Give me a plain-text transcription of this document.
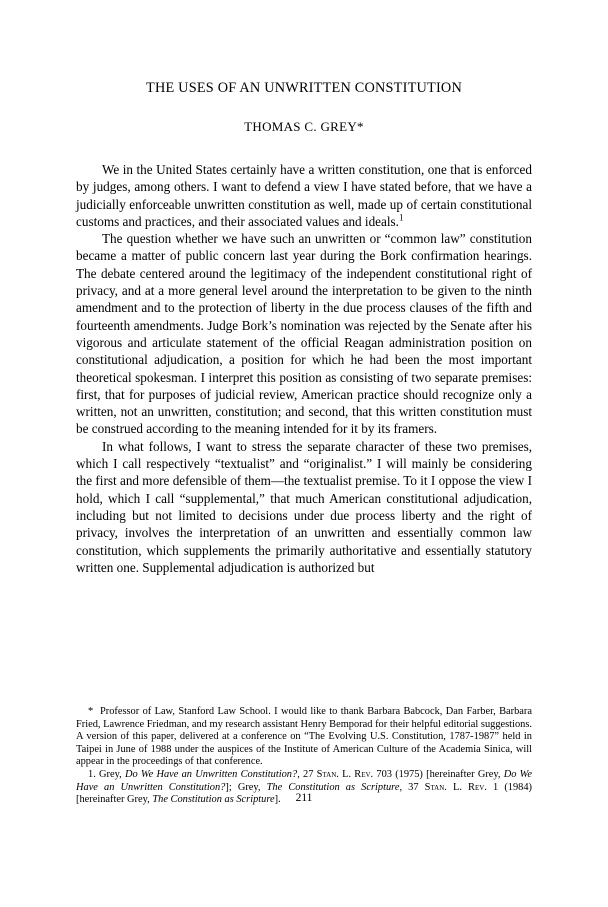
THE USES OF AN UNWRITTEN CONSTITUTION
THOMAS C. GREY*

We in the United States certainly have a written constitution, one that is enforced by judges, among others. I want to defend a view I have stated before, that we have a judicially enforceable unwritten constitution as well, made up of certain constitutional customs and practices, and their associated values and ideals.$^1$

The question whether we have such an unwritten or “common law” constitution became a matter of public concern last year during the Bork confirmation hearings. The debate centered around the legitimacy of the independent constitutional right of privacy, and at a more general level around the interpretation to be given to the ninth amendment and to the protection of liberty in the due process clauses of the fifth and fourteenth amendments. Judge Bork’s nomination was rejected by the Senate after his vigorous and articulate statement of the official Reagan administration position on constitutional adjudication, a position for which he had been the most important theoretical spokesman. I interpret this position as consisting of two separate premises: first, that for purposes of judicial review, American practice should recognize only a written, not an unwritten, constitution; and second, that this written constitution must be construed according to the meaning intended for it by its framers.

In what follows, I want to stress the separate character of these two premises, which I call respectively “textualist” and “originalist.” I will mainly be considering the first and more defensible of them—the textualist premise. To it I oppose the view I hold, which I call “supplemental,” that much American constitutional adjudication, including but not limited to decisions under due process liberty and the right of privacy, involves the interpretation of an unwritten and essentially common law constitution, which supplements the primarily authoritative and essentially statutory written one. Supplemental adjudication is authorized but

* Professor of Law, Stanford Law School. I would like to thank Barbara Babcock, Dan Farber, Barbara Fried, Lawrence Friedman, and my research assistant Henry Bemporad for their helpful editorial suggestions. A version of this paper, delivered at a conference on “The Evolving U.S. Constitution, 1787-1987” held in Taipei in June of 1988 under the auspices of the Institute of American Culture of the Academia Sinica, will appear in the proceedings of that conference.

1. Grey, Do We Have an Unwritten Constitution?, 27 Stan. L. Rev. 703 (1975) [hereinafter Grey, Do We Have an Unwritten Constitution?]; Grey, The Constitution as Scripture, 37 Stan. L. Rev. 1 (1984) [hereinafter Grey, The Constitution as Scripture].	211
